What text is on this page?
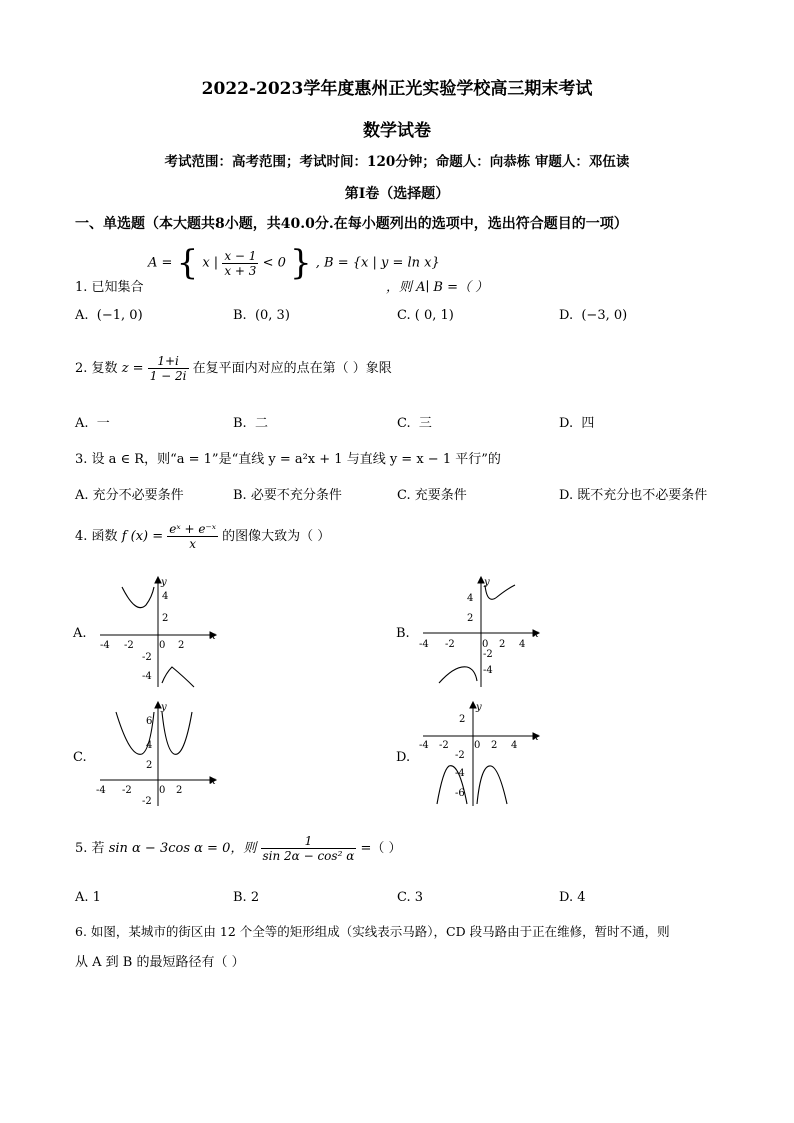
2022-2023学年度惠州正光实验学校高三期末考试
数学试卷
考试范围：高考范围；考试时间：120分钟；命题人：向恭栋 审题人：邓伍读
第I卷（选择题）
一、单选题（本大题共8小题，共40.0分.在每小题列出的选项中，选出符合题目的一项）
A = { x | $\frac{x - 1}{x + 3} < 0$ } , B = {x | y = ln x}
1. 已知集合	，则 A∣ B =（ ）
A. (−1, 0)	B. (0, 3)	C. ( 0, 1)	D. (−3, 0)
2. 复数 $z = \frac{1+i}{1 - 2i}$ 在复平面内对应的点在第（ ）象限
A. 一	B. 二	C. 三	D. 四
3. 设 a ∈ R，则“a = 1”是“直线 y = a²x + 1 与直线 y = x − 1 平行”的
A. 充分不必要条件	B. 必要不充分条件	C. 充要条件	D. 既不充分也不必要条件
4. 函数 f $(x) = \frac{\text{eˣ + e⁻ˣ}}{x}$ 的图像大致为（ ）
A.	B.
C.	D.
y
x
4
2
-4 -2	0 2
-2
-4
y
x
4
2
-4 -2	0 2 4
-2
-4
y
x
6
4
2
-4 -2	0 2
-2
y
x
2
-4 -2	0 2 4
-2
-4
-6
5. 若 sin α − 3cos α = 0，则 $\frac{1}{\text{sin 2α − cos² α}}$ =（ ）
A. 1	B. 2	C. 3	D. 4
6. 如图，某城市的街区由 12 个全等的矩形组成（实线表示马路），CD 段马路由于正在维修，暂时不通，则
从 A 到 B 的最短路径有（ ）
